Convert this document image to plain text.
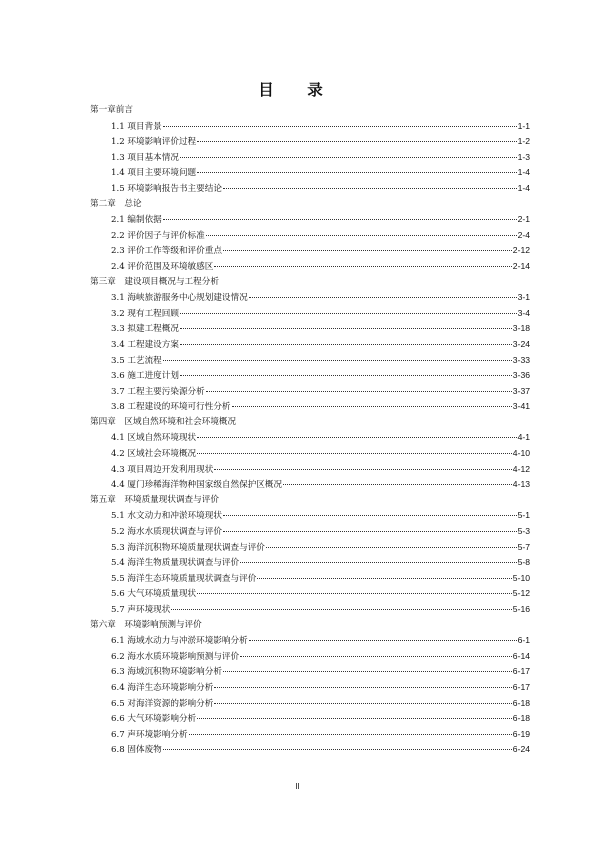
目 录
第一章前言
1.1 项目背景	1-1
1.2 环境影响评价过程	1-2
1.3 项目基本情况	1-3
1.4 项目主要环境问题	1-4
1.5 环境影响报告书主要结论	1-4
第二章　总论
2.1 编制依据	2-1
2.2 评价因子与评价标准	2-4
2.3 评价工作等级和评价重点	2-12
2.4 评价范围及环境敏感区	2-14
第三章　建设项目概况与工程分析
3.1 海峡旅游服务中心规划建设情况	3-1
3.2 现有工程回顾	3-4
3.3 拟建工程概况	3-18
3.4 工程建设方案	3-24
3.5 工艺流程	3-33
3.6 施工进度计划	3-36
3.7 工程主要污染源分析	3-37
3.8 工程建设的环境可行性分析	3-41
第四章　区域自然环境和社会环境概况
4.1 区域自然环境现状	4-1
4.2 区域社会环境概况	4-10
4.3 项目周边开发利用现状	4-12
4.4 厦门珍稀海洋物种国家级自然保护区概况	4-13
第五章　环境质量现状调查与评价
5.1 水文动力和冲淤环境现状	5-1
5.2 海水水质现状调查与评价	5-3
5.3 海洋沉积物环境质量现状调查与评价	5-7
5.4 海洋生物质量现状调查与评价	5-8
5.5 海洋生态环境质量现状调查与评价	5-10
5.6 大气环境质量现状	5-12
5.7 声环境现状	5-16
第六章　环境影响预测与评价
6.1 海域水动力与冲淤环境影响分析	6-1
6.2 海水水质环境影响预测与评价	6-14
6.3 海域沉积物环境影响分析	6-17
6.4 海洋生态环境影响分析	6-17
6.5 对海洋资源的影响分析	6-18
6.6 大气环境影响分析	6-18
6.7 声环境影响分析	6-19
6.8 固体废物	6-24
II
